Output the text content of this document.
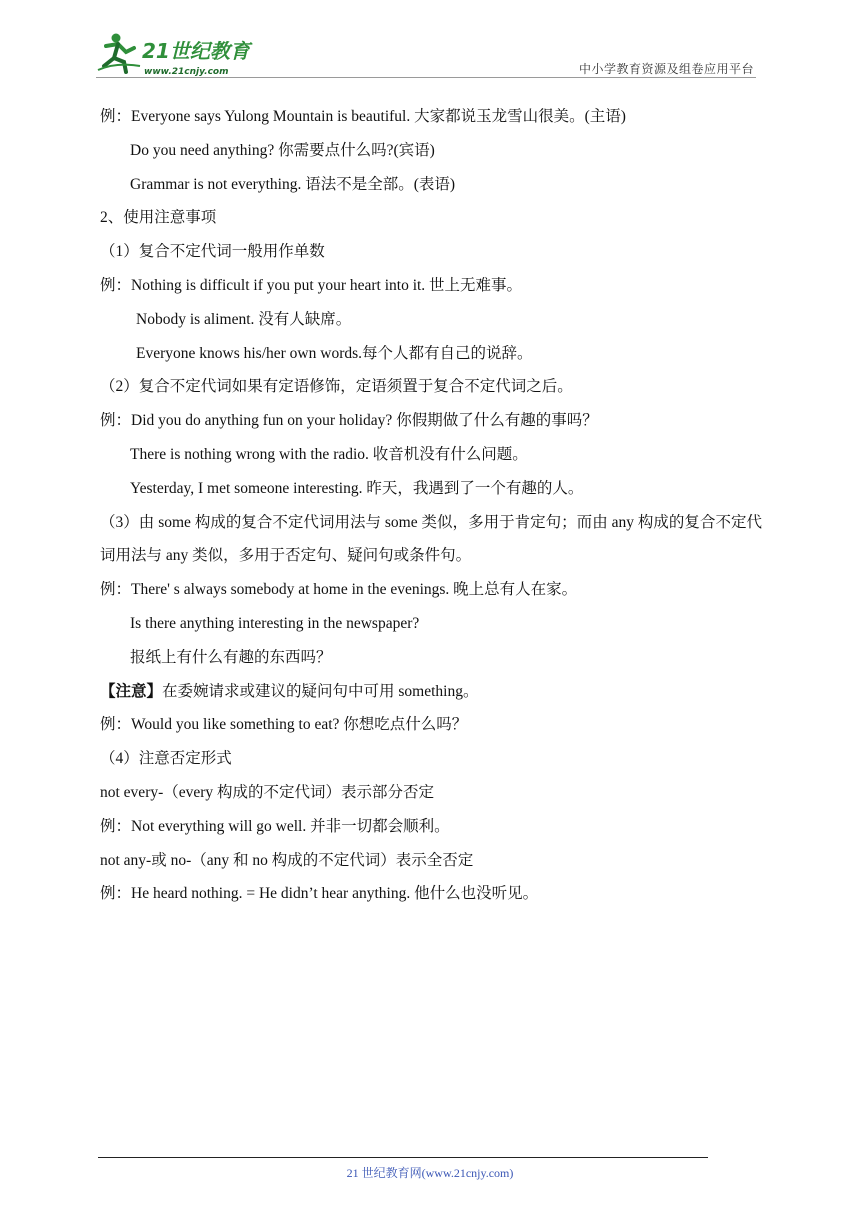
21世纪教育
www.21cnjy.com	中小学教育资源及组卷应用平台
例：Everyone says Yulong Mountain is beautiful. 大家都说玉龙雪山很美。(主语)
Do you need anything? 你需要点什么吗?(宾语)
Grammar is not everything. 语法不是全部。(表语)
2、使用注意事项
（1）复合不定代词一般用作单数
例：Nothing is difficult if you put your heart into it. 世上无难事。
Nobody is aliment. 没有人缺席。
Everyone knows his/her own words.每个人都有自己的说辞。
（2）复合不定代词如果有定语修饰，定语须置于复合不定代词之后。
例：Did you do anything fun on your holiday? 你假期做了什么有趣的事吗？
There is nothing wrong with the radio. 收音机没有什么问题。
Yesterday, I met someone interesting. 昨天，我遇到了一个有趣的人。
（3）由 some 构成的复合不定代词用法与 some 类似，多用于肯定句；而由 any 构成的复合不定代词用法与 any 类似，多用于否定句、疑问句或条件句。
例：There' s always somebody at home in the evenings. 晚上总有人在家。
Is there anything interesting in the newspaper?
报纸上有什么有趣的东西吗？
【注意】在委婉请求或建议的疑问句中可用 something。
例：Would you like something to eat? 你想吃点什么吗？
（4）注意否定形式
not every-（every 构成的不定代词）表示部分否定
例：Not everything will go well. 并非一切都会顺利。
not any-或 no-（any 和 no 构成的不定代词）表示全否定
例：He heard nothing. = He didn’t hear anything. 他什么也没听见。
21 世纪教育网(www.21cnjy.com)
